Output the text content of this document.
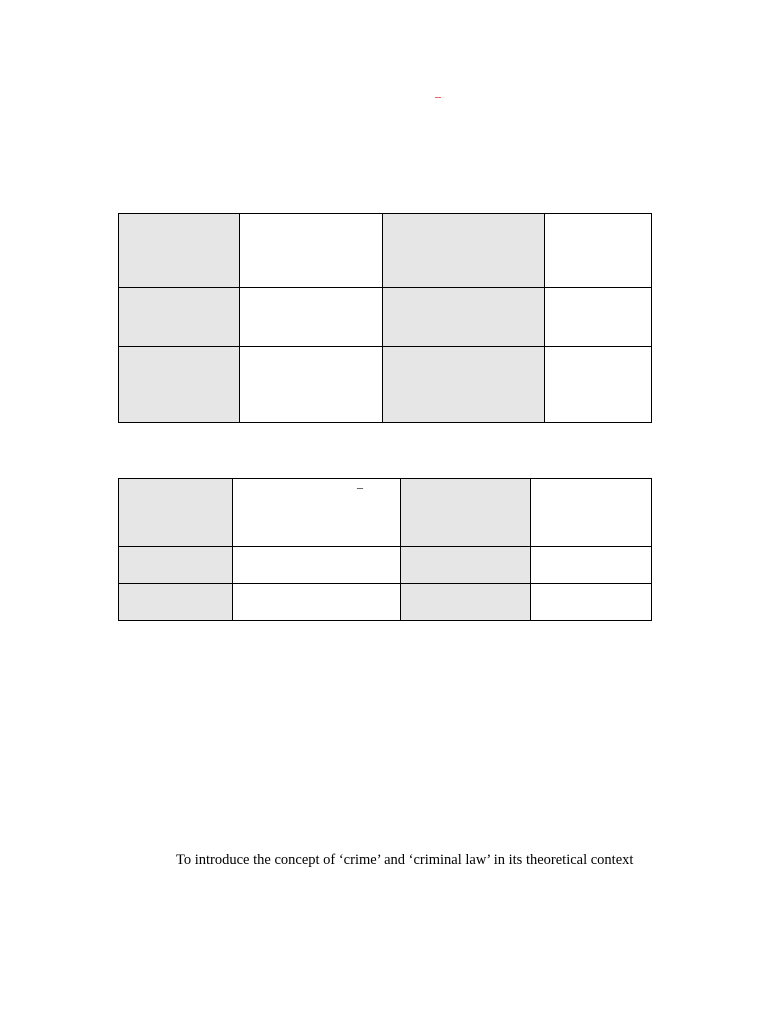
–

	–		

To introduce the concept of ‘crime’ and ‘criminal law’ in its theoretical context
